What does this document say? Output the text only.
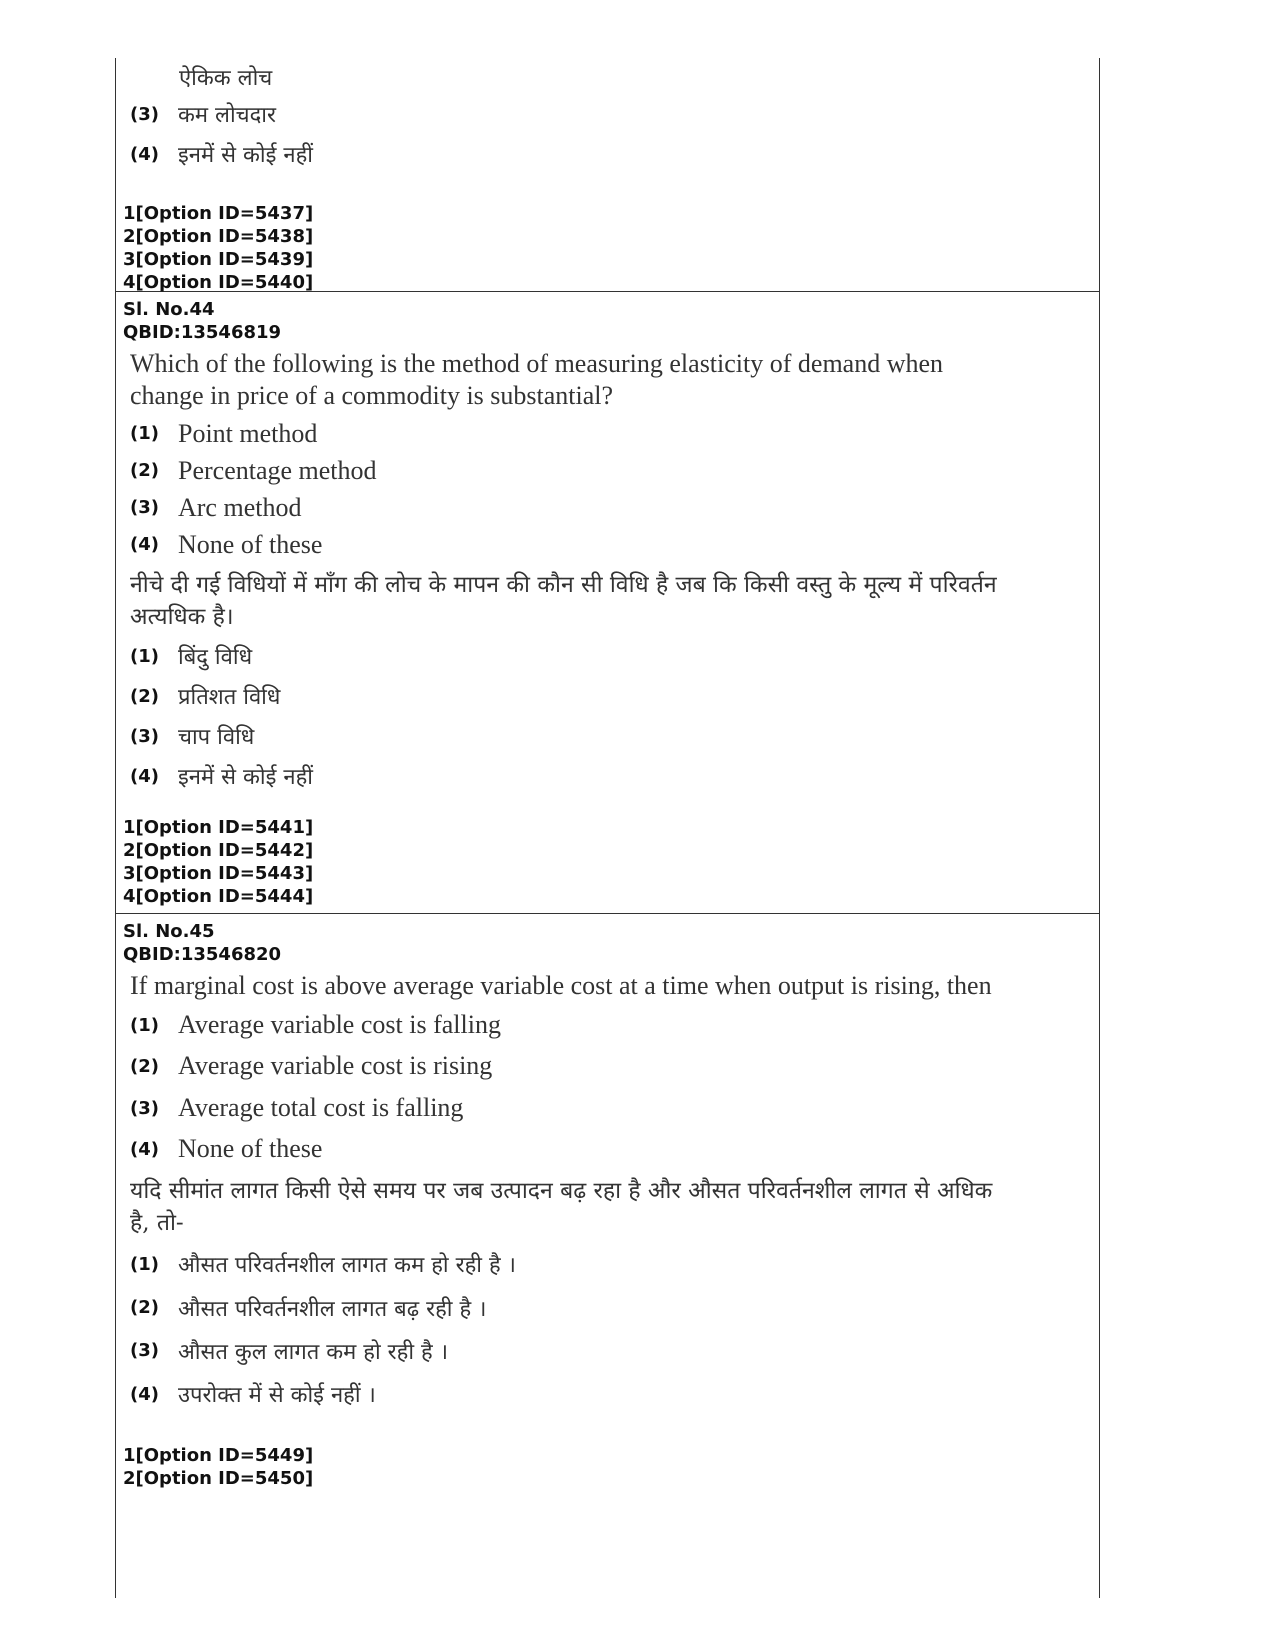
ऐकिक लोच
(3) कम लोचदार
(4) इनमें से कोई नहीं
1[Option ID=5437]
2[Option ID=5438]
3[Option ID=5439]
4[Option ID=5440]
Sl. No.44
QBID:13546819
Which of the following is the method of measuring elasticity of demand when change in price of a commodity is substantial?
(1) Point method
(2) Percentage method
(3) Arc method
(4) None of these
नीचे दी गई विधियों में माँग की लोच के मापन की कौन सी विधि है जब कि किसी वस्तु के मूल्य में परिवर्तन अत्यधिक है।
(1) बिंदु विधि
(2) प्रतिशत विधि
(3) चाप विधि
(4) इनमें से कोई नहीं
1[Option ID=5441]
2[Option ID=5442]
3[Option ID=5443]
4[Option ID=5444]
Sl. No.45
QBID:13546820
If marginal cost is above average variable cost at a time when output is rising, then
(1) Average variable cost is falling
(2) Average variable cost is rising
(3) Average total cost is falling
(4) None of these
यदि सीमांत लागत किसी ऐसे समय पर जब उत्पादन बढ़ रहा है और औसत परिवर्तनशील लागत से अधिक है, तो-
(1) औसत परिवर्तनशील लागत कम हो रही है ।
(2) औसत परिवर्तनशील लागत बढ़ रही है ।
(3) औसत कुल लागत कम हो रही है ।
(4) उपरोक्त में से कोई नहीं ।
1[Option ID=5449]
2[Option ID=5450]
